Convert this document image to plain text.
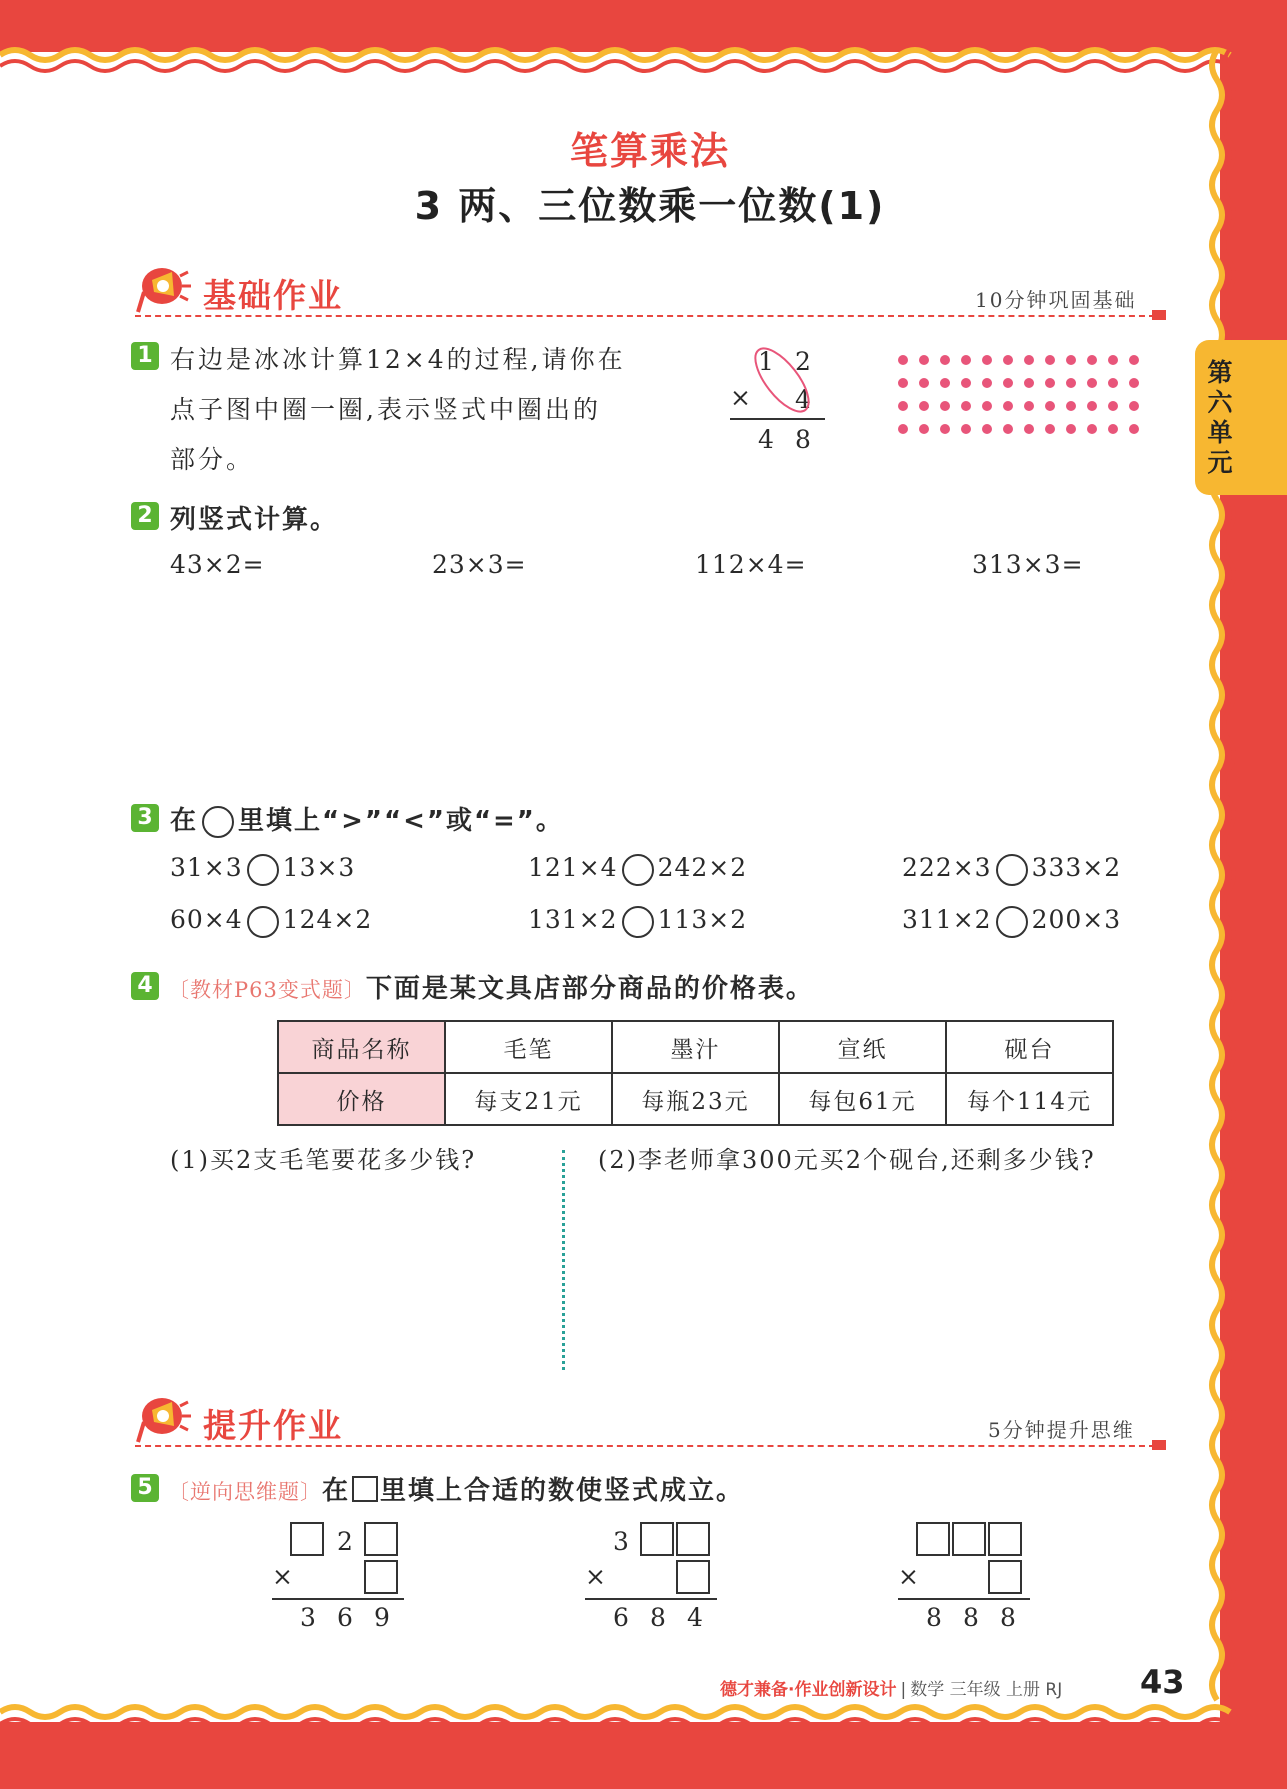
第六单元
笔算乘法
3 两、三位数乘一位数(1)
基础作业	10分钟巩固基础
1 右边是冰冰计算12×4的过程,请你在
点子图中圈一圈,表示竖式中圈出的
部分。
1 2
× 4
4 8
2 列竖式计算。
43×2=	23×3=	112×4=	313×3=
3 在 里填上“>”“<”或“=”。
31×3 13×3	121×4 242×2	222×3 333×2
60×4 124×2	131×2 113×2	311×2 200×3
4 〔教材P63变式题〕下面是某文具店部分商品的价格表。
商品名称	毛笔	墨汁	宣纸	砚台
价格	每支21元	每瓶23元	每包61元	每个114元
(1)买2支毛笔要花多少钱?	(2)李老师拿300元买2个砚台,还剩多少钱?
提升作业	5分钟提升思维
5 〔逆向思维题〕在 里填上合适的数使竖式成立。
2
×
3 6 9
3
×
6 8 4
×
8 8 8
德才兼备·作业创新设计 | 数学 三年级 上册 RJ 43
